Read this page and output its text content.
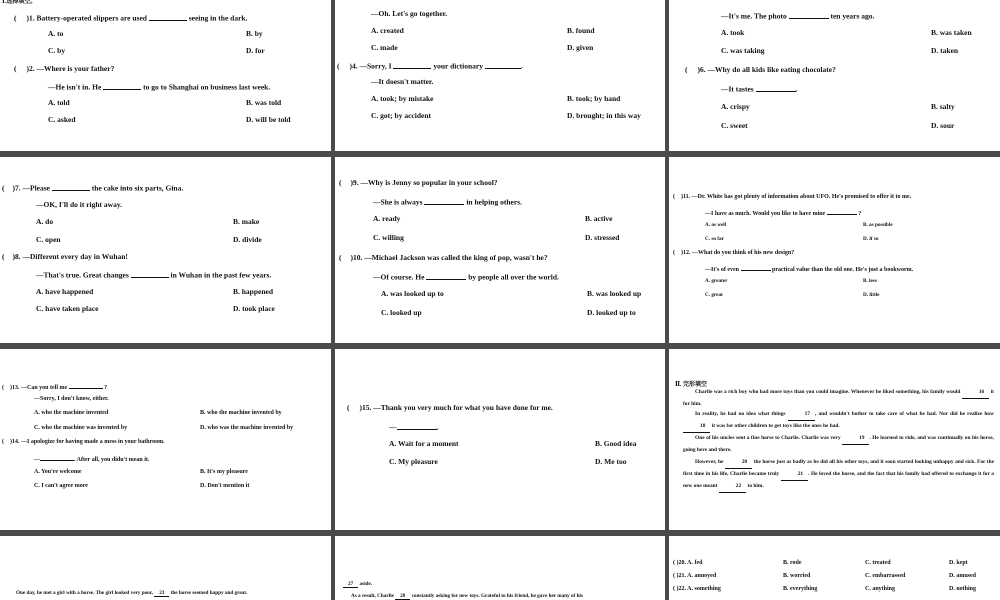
Ⅰ.选择填空。
( )1. Battery-operated slippers are used	seeing in the dark.
A. to	B. by
C. by	D. for
( )2. —Where is your father?
—He isn't in. He	to go to Shanghai on business last week.
A. told	B. was told
C. asked	D. will be told
—Oh. Let's go together.
A. created	B. found
C. made	D. given
( )4. —Sorry, I	your dictionary	.
—It doesn't matter.
A. took; by mistake	B. took; by hand
C. got; by accident	D. brought; in this way
—It's me. The photo	ten years ago.
A. took	B. was taken
C. was taking	D. taken
( )6. —Why do all kids like eating chocolate?
—It tastes	.
A. crispy	B. salty
C. sweet	D. sour
( )7. —Please	the cake into six parts, Gina.
—OK, I'll do it right away.
A. do	B. make
C. open	D. divide
( )8. —Different every day in Wuhan!
—That's true. Great changes	in Wuhan in the past few years.
A. have happened	B. happened
C. have taken place	D. took place
( )9. —Why is Jenny so popular in your school?
—She is always	in helping others.
A. ready	B. active
C. willing	D. stressed
( )10. —Michael Jackson was called the king of pop, wasn't he?
—Of course. He	by people all over the world.
A. was looked up to	B. was looked up
C. looked up	D. looked up to
( )11. —Dr. White has got plenty of information about UFO. He's promised to offer it to me.
—I have as much. Would you like to have mine	?
A. as well	B. as possible
C. so far	D. if so
( )12. —What do you think of his new design?
—It's of even	practical value than the old one. He's just a bookworm.
A. greater	B. less
C. great	D. little
( )13. —Can you tell me	?
—Sorry, I don't know, either.
A. who the machine invented	B. who the machine invented by
C. who the machine was invented by	D. who was the machine invented by
( )14. —I apologize for having made a mess in your bathroom.
—	. After all, you didn't mean it.
A. You're welcome	B. It's my pleasure
C. I can't agree more	D. Don't mention it
( )15. —Thank you very much for what you have done for me.
—	.
A. Wait for a moment	B. Good idea
C. My pleasure	D. Me too
Ⅱ. 完形填空
Charlie was a rich boy who had more toys than you could imagine. Whenever he liked something, his family would	16 it for him.
In reality, he had no idea what things	17 , and wouldn't bother to take care of what he had. Nor did he realize how 18 it was for other children to get toys like the ones he had.
One of his uncles sent a fine horse to Charlie. Charlie was very	19 . He learned to ride, and was continually on his horse, going here and there.
However, he	20 the horse just as badly as he did all his other toys, and it soon started looking unhappy and sick. For the first time in his life, Charlie became truly	21 . He loved the horse, and the fact that his family had offered to exchange it for a new one meant	22 to him.
One day, he met a girl with a horse. The girl looked very poor, 23 the horse seemed happy and great.
27 aside.
As a result, Charlie 28 constantly asking for new toys. Grateful to his friend, he gave her many of his
( )20. A. fed	B. rode	C. treated	D. kept
( )21. A. annoyed	B. worried	C. embarrassed	D. amused
( )22. A. something	B. everything	C. anything	D. nothing
